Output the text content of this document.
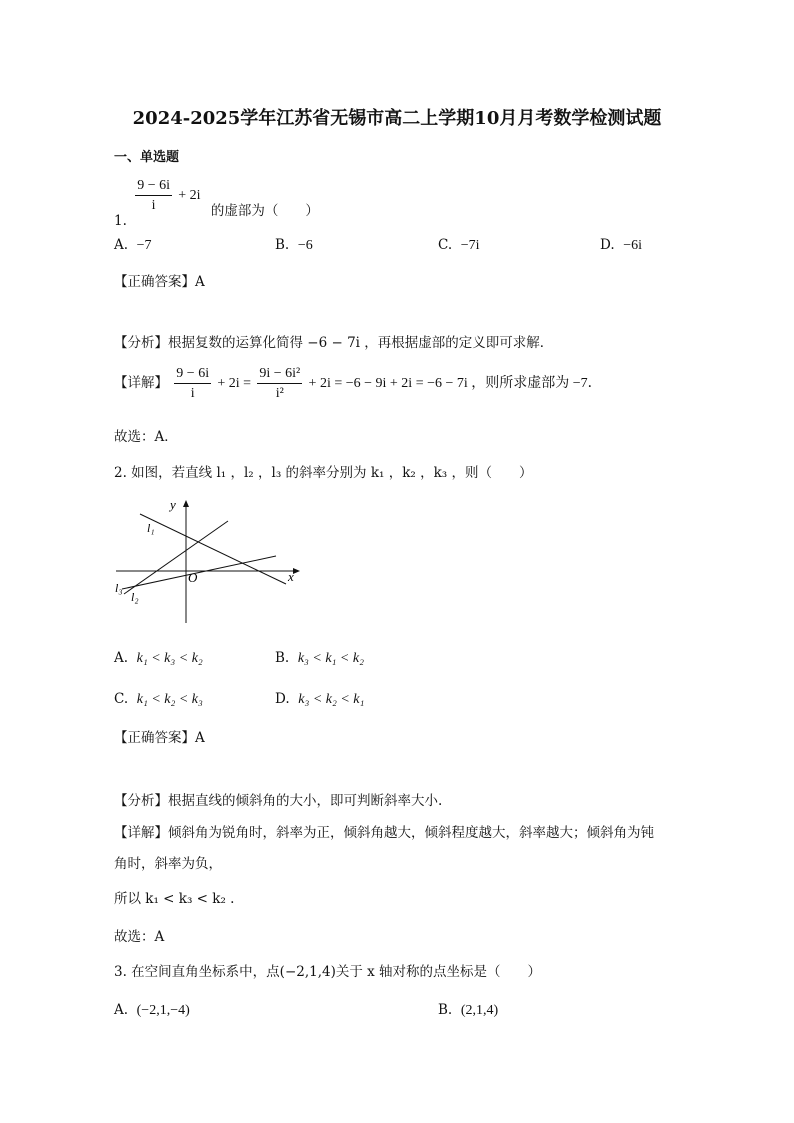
2024-2025学年江苏省无锡市高二上学期10月月考数学检测试题
一、单选题
1.
$\frac{9 - 6i}{i} + 2i$ 的虚部为（　　）
A. −7	B. −6	C. −7i	D. −6i
【正确答案】A
【分析】根据复数的运算化简得 −6 − 7i ，再根据虚部的定义即可求解．
【详解】 $\frac{9 - 6i}{i} + 2i = \frac{\text{9i − 6i²}}{\text{i²}} + 2i = -6 - 9i + 2i = -6 - 7i$ ，则所求虚部为 −7．
故选：A．
2. 如图，若直线 l₁ ，l₂ ，l₃ 的斜率分别为 k₁ ，k₂ ，k₃ ，则（　　）
y
x
O
l₁
l₂
l₃
A. k₁ < k₃ < k₂	B. k₃ < k₁ < k₂
C. k₁ < k₂ < k₃	D. k₃ < k₂ < k₁
【正确答案】A
【分析】根据直线的倾斜角的大小，即可判断斜率大小.
【详解】倾斜角为锐角时，斜率为正，倾斜角越大，倾斜程度越大，斜率越大；倾斜角为钝
角时，斜率为负，
所以 k₁ < k₃ < k₂ .
故选：A
3. 在空间直角坐标系中，点(−2,1,4)关于 x 轴对称的点坐标是（　　）
A. (−2,1,−4)	B. (2,1,4)
